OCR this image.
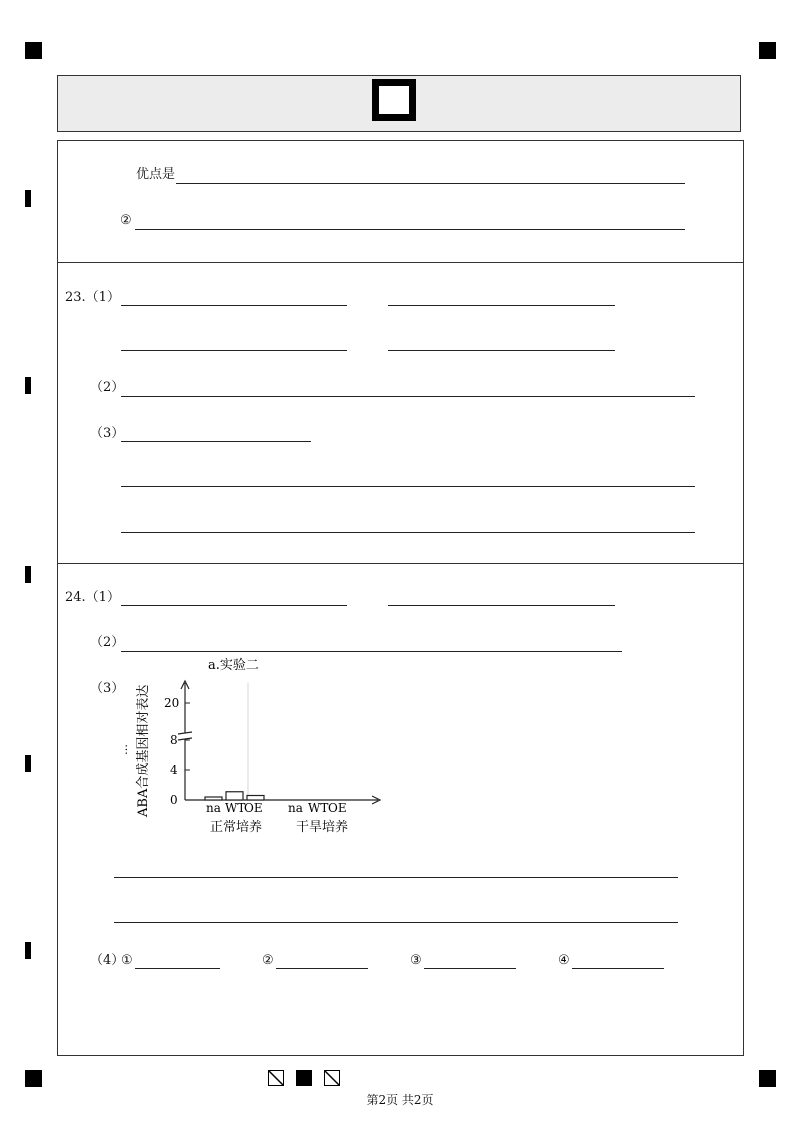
优点是
②
23.（1）
（2）
（3）
24.（1）
（2）
（3）
a.实验二
ABA合成基因相对表达
…
20
8
4
0
na WT
OE na WT OE
正常培养	干旱培养
（4）
①	②	③	④
第2页 共2页
